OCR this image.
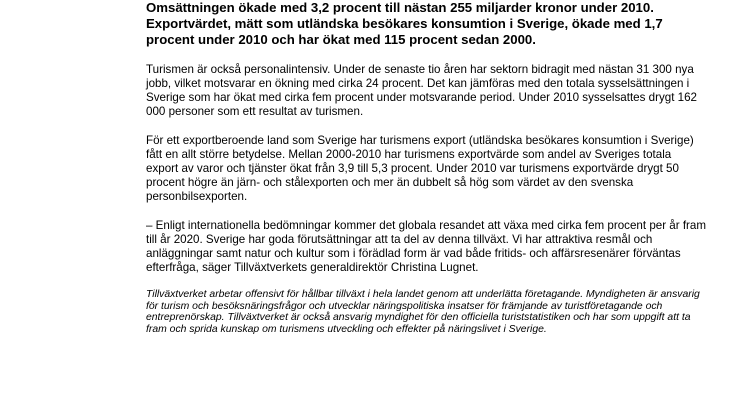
Omsättningen ökade med 3,2 procent till nästan 255 miljarder kronor under 2010. Exportvärdet, mätt som utländska besökares konsumtion i Sverige, ökade med 1,7 procent under 2010 och har ökat med 115 procent sedan 2000.

Turismen är också personalintensiv. Under de senaste tio åren har sektorn bidragit med nästan 31 300 nya jobb, vilket motsvarar en ökning med cirka 24 procent. Det kan jämföras med den totala sysselsättningen i Sverige som har ökat med cirka fem procent under motsvarande period. Under 2010 sysselsattes drygt 162 000 personer som ett resultat av turismen.

För ett exportberoende land som Sverige har turismens export (utländska besökares konsumtion i Sverige) fått en allt större betydelse. Mellan 2000-2010 har turismens exportvärde som andel av Sveriges totala export av varor och tjänster ökat från 3,9 till 5,3 procent. Under 2010 var turismens exportvärde drygt 50 procent högre än järn- och stålexporten och mer än dubbelt så hög som värdet av den svenska personbilsexporten.

– Enligt internationella bedömningar kommer det globala resandet att växa med cirka fem procent per år fram till år 2020. Sverige har goda förutsättningar att ta del av denna tillväxt. Vi har attraktiva resmål och anläggningar samt natur och kultur som i förädlad form är vad både fritids- och affärsresenärer förväntas efterfråga, säger Tillväxtverkets generaldirektör Christina Lugnet.

Tillväxtverket arbetar offensivt för hållbar tillväxt i hela landet genom att underlätta företagande. Myndigheten är ansvarig för turism och besöksnäringsfrågor och utvecklar näringspolitiska insatser för främjande av turistföretagande och entreprenörskap. Tillväxtverket är också ansvarig myndighet för den officiella turiststatistiken och har som uppgift att ta fram och sprida kunskap om turismens utveckling och effekter på näringslivet i Sverige.
